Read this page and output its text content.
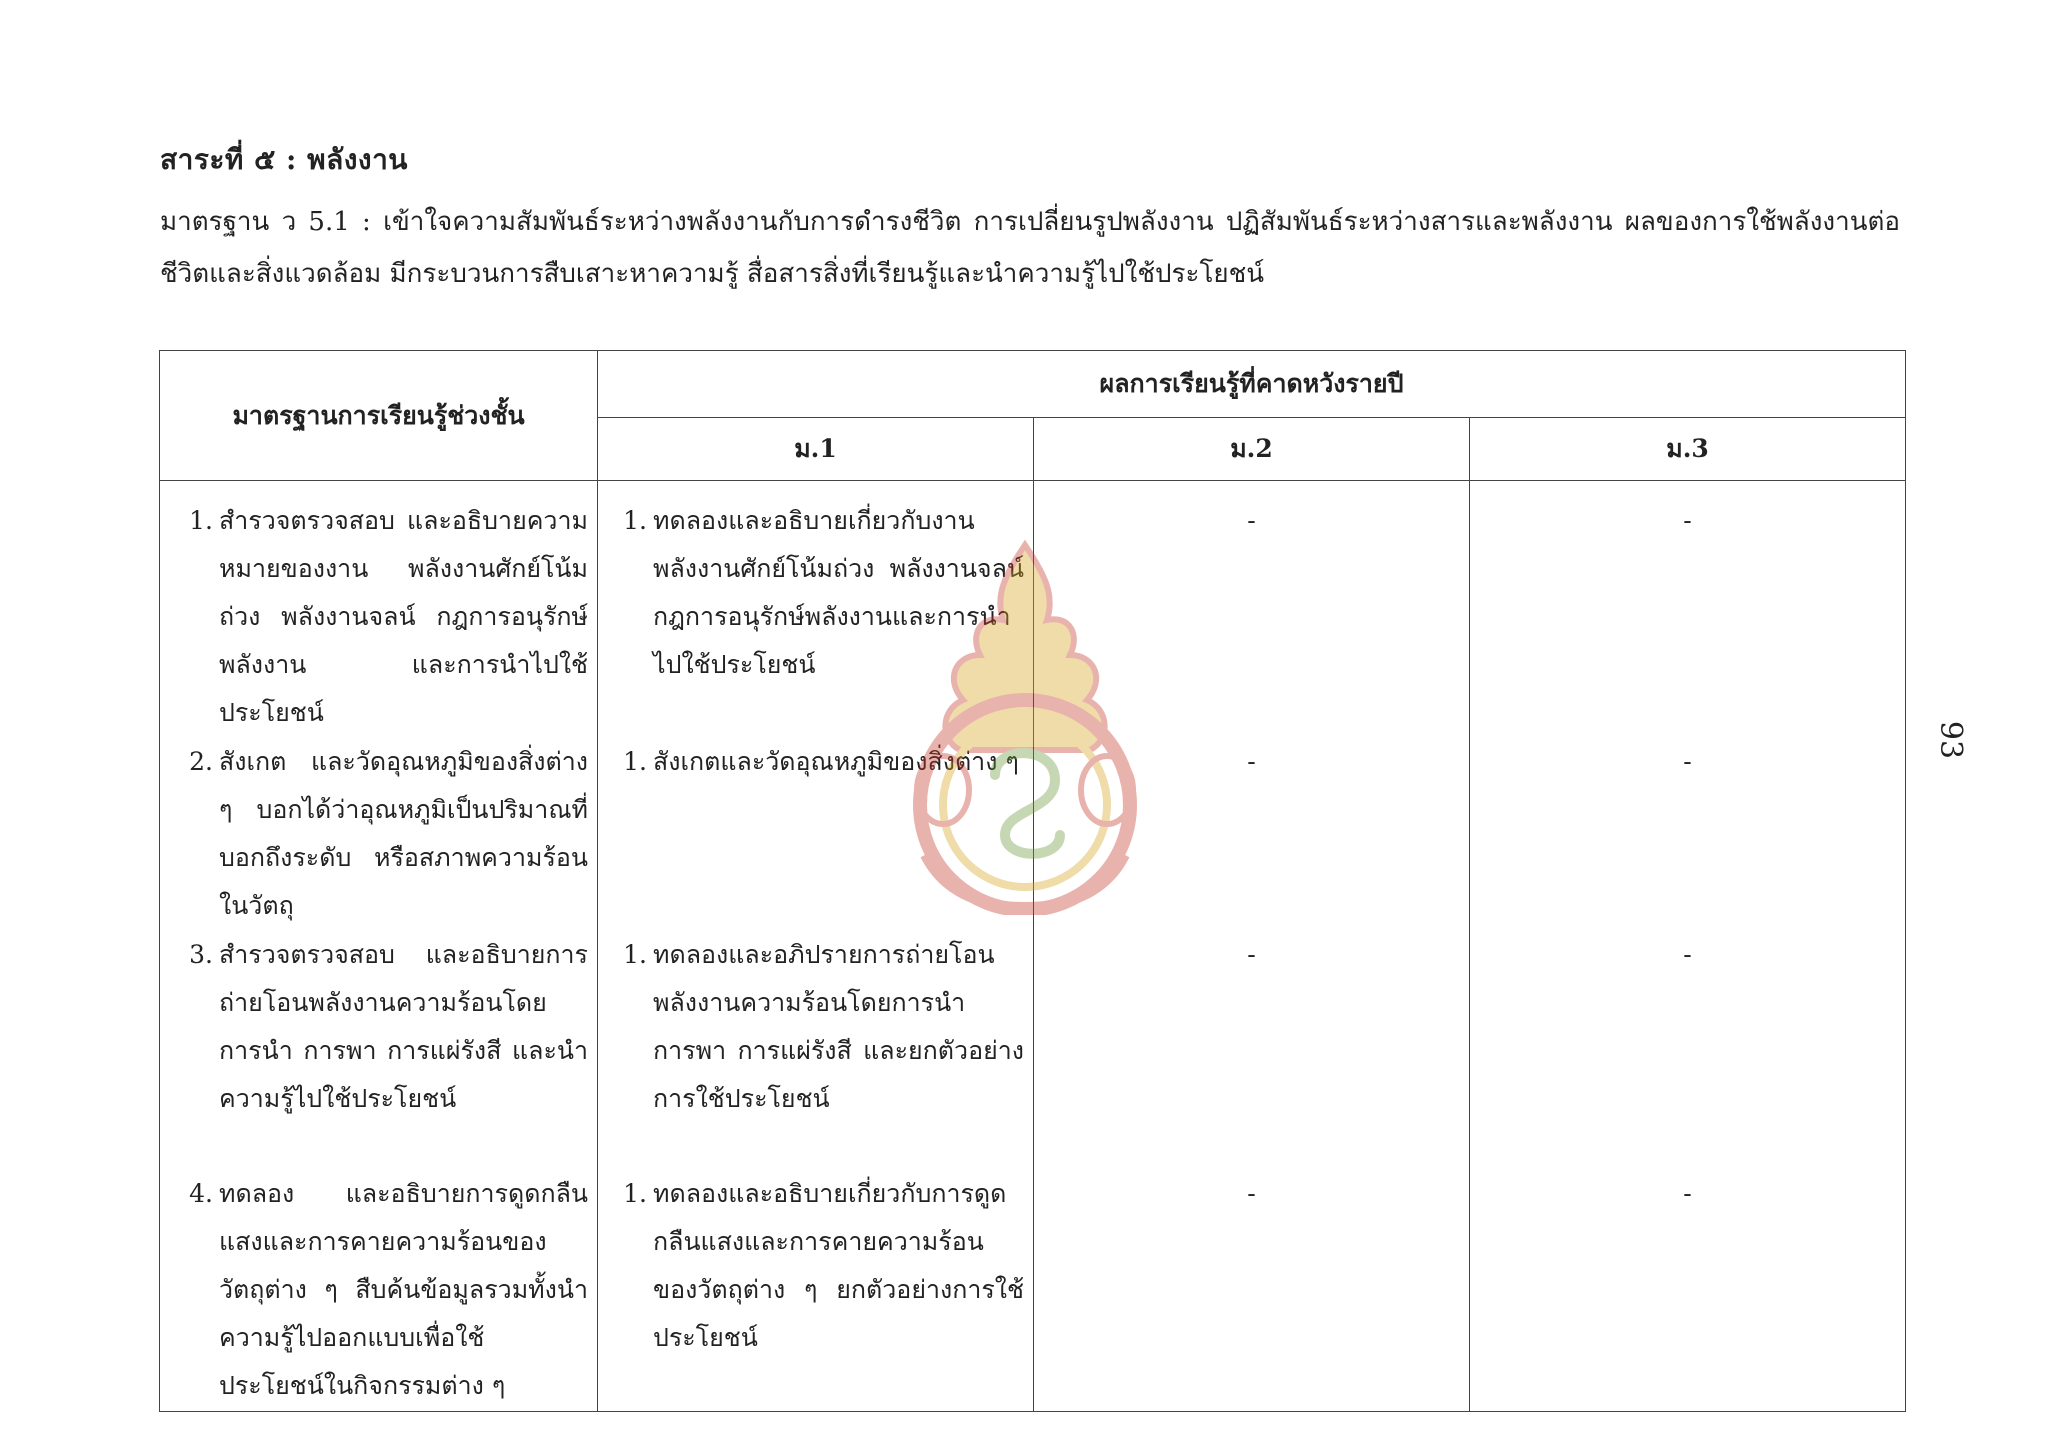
สาระที่ ๕ : พลังงาน
มาตรฐาน ว 5.1 : เข้าใจความสัมพันธ์ระหว่างพลังงานกับการดำรงชีวิต การเปลี่ยนรูปพลังงาน ปฏิสัมพันธ์ระหว่างสารและพลังงาน ผลของการใช้พลังงานต่อชีวิตและสิ่งแวดล้อม มีกระบวนการสืบเสาะหาความรู้ สื่อสารสิ่งที่เรียนรู้และนำความรู้ไปใช้ประโยชน์
มาตรฐานการเรียนรู้ช่วงชั้น	ผลการเรียนรู้ที่คาดหวังรายปี		
	ม.1	ม.2	ม.3

1. สำรวจตรวจสอบ และอธิบายความหมายของงาน พลังงานศักย์โน้มถ่วง พลังงานจลน์ กฎการอนุรักษ์พลังงาน และการนำไปใช้ประโยชน์	1. ทดลองและอธิบายเกี่ยวกับงาน พลังงานศักย์โน้มถ่วง พลังงานจลน์ กฎการอนุรักษ์พลังงานและการนำไปใช้ประโยชน์	-	-

2. สังเกต และวัดอุณหภูมิของสิ่งต่าง ๆ บอกได้ว่าอุณหภูมิเป็นปริมาณที่บอกถึงระดับ หรือสภาพความร้อนในวัตถุ	1. สังเกตและวัดอุณหภูมิของสิ่งต่าง ๆ	-	-

3. สำรวจตรวจสอบ และอธิบายการถ่ายโอนพลังงานความร้อนโดยการนำ การพา การแผ่รังสี และนำความรู้ไปใช้ประโยชน์	1. ทดลองและอภิปรายการถ่ายโอนพลังงานความร้อนโดยการนำ การพา การแผ่รังสี และยกตัวอย่างการใช้ประโยชน์	-	-

4. ทดลอง และอธิบายการดูดกลืนแสงและการคายความร้อนของวัตถุต่าง ๆ สืบค้นข้อมูลรวมทั้งนำความรู้ไปออกแบบเพื่อใช้ประโยชน์ในกิจกรรมต่าง ๆ	1. ทดลองและอธิบายเกี่ยวกับการดูดกลืนแสงและการคายความร้อนของวัตถุต่าง ๆ ยกตัวอย่างการใช้ประโยชน์	-	-
93
